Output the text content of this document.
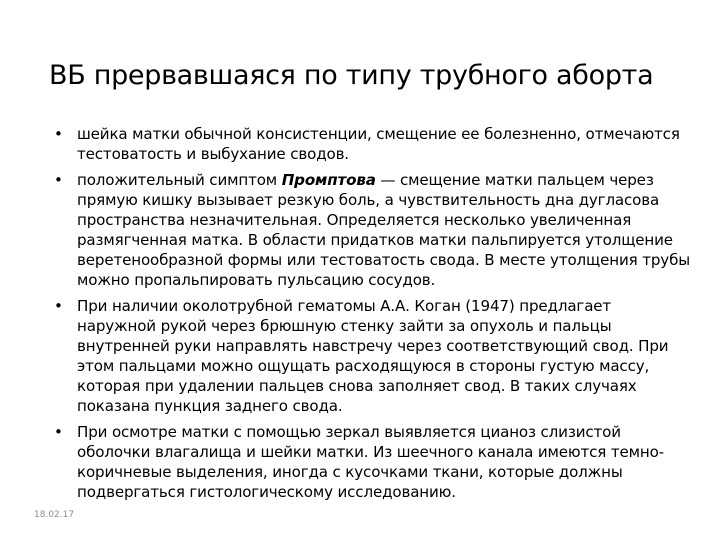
ВБ прервавшаяся по типу трубного аборта
• шейка матки обычной консистенции, смещение ее болезненно, отмечаются тестоватость и выбухание сводов.
• положительный симптом Промптова — смещение матки пальцем через прямую кишку вызывает резкую боль, а чувствительность дна дугласова пространства незначительная. Определяется несколько увеличенная размягченная матка. В области придатков матки пальпируется утолщение веретенообразной формы или тестоватость свода. В месте утолщения трубы можно пропальпировать пульсацию сосудов.
• При наличии околотрубной гематомы А.А. Коган (1947) предлагает наружной рукой через брюшную стенку зайти за опухоль и пальцы внутренней руки направлять навстречу через соответствующий свод. При этом пальцами можно ощущать расходящуюся в стороны густую массу, которая при удалении пальцев снова заполняет свод. В таких случаях показана пункция заднего свода.
• При осмотре матки с помощью зеркал выявляется цианоз слизистой оболочки влагалища и шейки матки. Из шеечного канала имеются темно-коричневые выделения, иногда с кусочками ткани, которые должны подвергаться гистологическому исследованию.
18.02.17
